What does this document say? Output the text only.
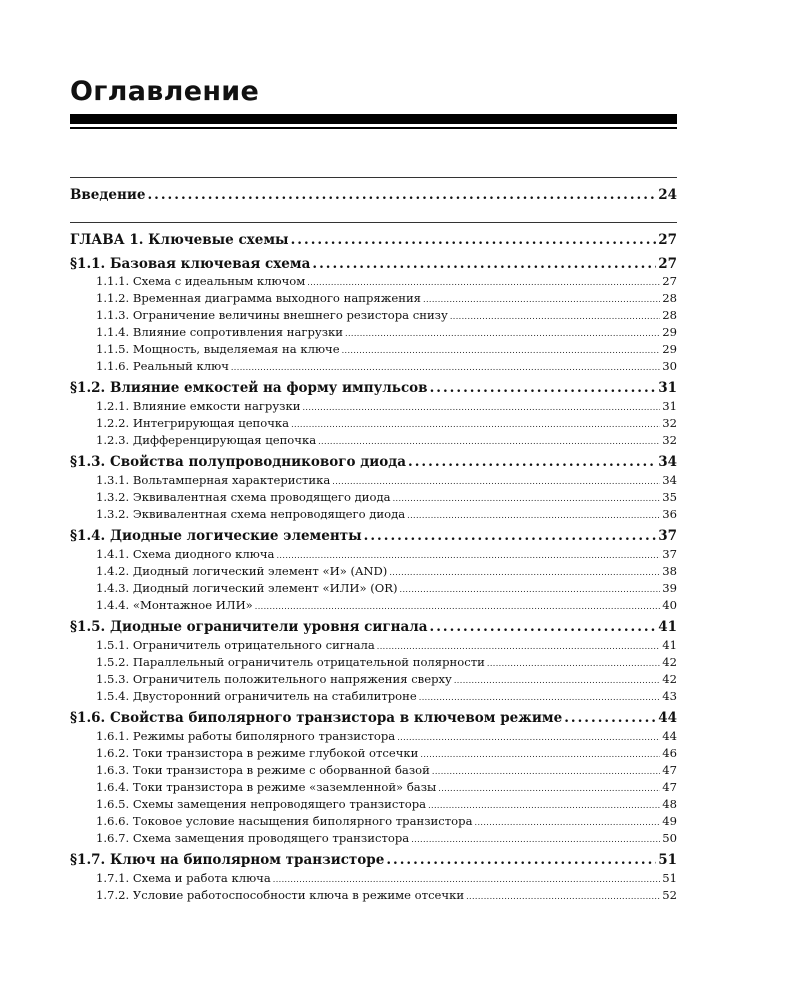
Оглавление
Введение .....	24
ГЛАВА 1. Ключевые схемы .....	27
§1.1. Базовая ключевая схема .....	27
1.1.1. Схема с идеальным ключом .....	27
1.1.2. Временная диаграмма выходного напряжения .....	28
1.1.3. Ограничение величины внешнего резистора снизу .....	28
1.1.4. Влияние сопротивления нагрузки .....	29
1.1.5. Мощность, выделяемая на ключе .....	29
1.1.6. Реальный ключ .....	30
§1.2. Влияние емкостей на форму импульсов .....	31
1.2.1. Влияние емкости нагрузки .....	31
1.2.2. Интегрирующая цепочка .....	32
1.2.3. Дифференцирующая цепочка .....	32
§1.3. Свойства полупроводникового диода .....	34
1.3.1. Вольтамперная характеристика .....	34
1.3.2. Эквивалентная схема проводящего диода .....	35
1.3.2. Эквивалентная схема непроводящего диода .....	36
§1.4. Диодные логические элементы .....	37
1.4.1. Схема диодного ключа .....	37
1.4.2. Диодный логический элемент «И» (AND) .....	38
1.4.3. Диодный логический элемент «ИЛИ» (OR) .....	39
1.4.4. «Монтажное ИЛИ» .....	40
§1.5. Диодные ограничители уровня сигнала .....	41
1.5.1. Ограничитель отрицательного сигнала .....	41
1.5.2. Параллельный ограничитель отрицательной полярности .....	42
1.5.3. Ограничитель положительного напряжения сверху .....	42
1.5.4. Двусторонний ограничитель на стабилитроне .....	43
§1.6. Свойства биполярного транзистора в ключевом режиме .....	44
1.6.1. Режимы работы биполярного транзистора .....	44
1.6.2. Токи транзистора в режиме глубокой отсечки .....	46
1.6.3. Токи транзистора в режиме с оборванной базой .....	47
1.6.4. Токи транзистора в режиме «заземленной» базы .....	47
1.6.5. Схемы замещения непроводящего транзистора .....	48
1.6.6. Токовое условие насыщения биполярного транзистора .....	49
1.6.7. Схема замещения проводящего транзистора .....	50
§1.7. Ключ на биполярном транзисторе .....	51
1.7.1. Схема и работа ключа .....	51
1.7.2. Условие работоспособности ключа в режиме отсечки .....	52
